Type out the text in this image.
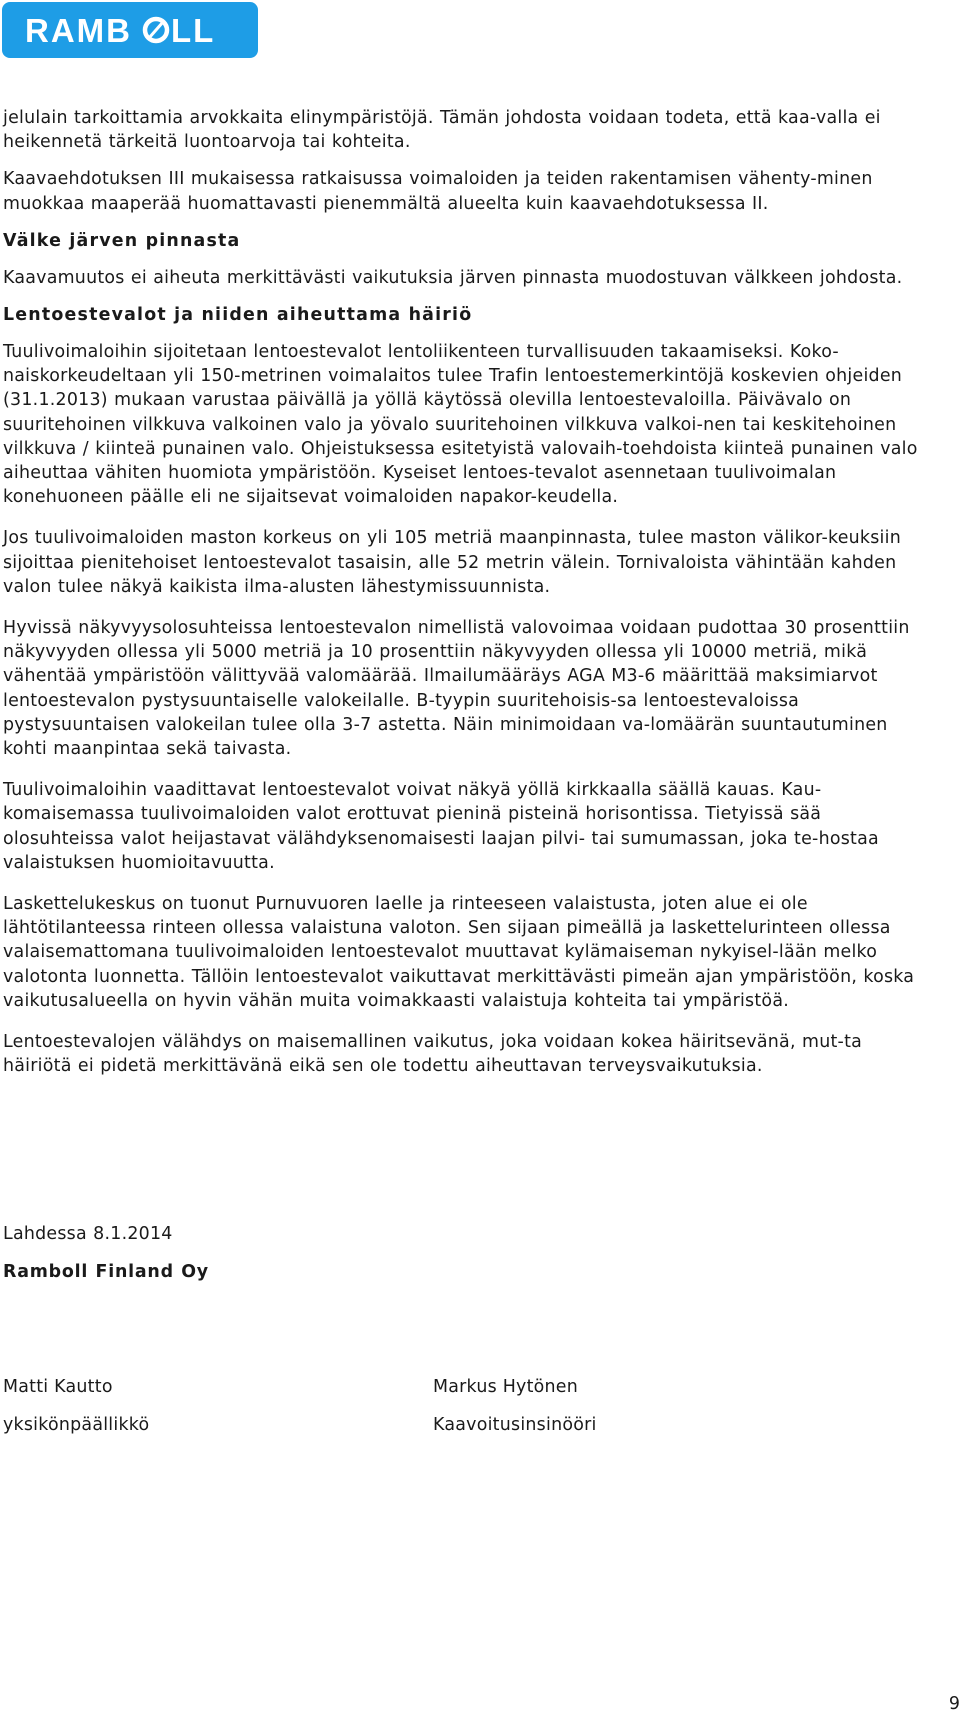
RAMB LL

jelulain tarkoittamia arvokkaita elinympäristöjä. Tämän johdosta voidaan todeta, että kaa-valla ei heikennetä tärkeitä luontoarvoja tai kohteita.

Kaavaehdotuksen III mukaisessa ratkaisussa voimaloiden ja teiden rakentamisen vähenty-minen muokkaa maaperää huomattavasti pienemmältä alueelta kuin kaavaehdotuksessa II.

Välke järven pinnasta

Kaavamuutos ei aiheuta merkittävästi vaikutuksia järven pinnasta muodostuvan välkkeen johdosta.

Lentoestevalot ja niiden aiheuttama häiriö

Tuulivoimaloihin sijoitetaan lentoestevalot lentoliikenteen turvallisuuden takaamiseksi. Koko-naiskorkeudeltaan yli 150-metrinen voimalaitos tulee Trafin lentoestemerkintöjä koskevien ohjeiden (31.1.2013) mukaan varustaa päivällä ja yöllä käytössä olevilla lentoestevaloilla. Päivävalo on suuritehoinen vilkkuva valkoinen valo ja yövalo suuritehoinen vilkkuva valkoi-nen tai keskitehoinen vilkkuva / kiinteä punainen valo. Ohjeistuksessa esitetyistä valovaih-toehdoista kiinteä punainen valo aiheuttaa vähiten huomiota ympäristöön. Kyseiset lentoes-tevalot asennetaan tuulivoimalan konehuoneen päälle eli ne sijaitsevat voimaloiden napakor-keudella.

Jos tuulivoimaloiden maston korkeus on yli 105 metriä maanpinnasta, tulee maston välikor-keuksiin sijoittaa pienitehoiset lentoestevalot tasaisin, alle 52 metrin välein. Tornivaloista vähintään kahden valon tulee näkyä kaikista ilma-alusten lähestymissuunnista.

Hyvissä näkyvyysolosuhteissa lentoestevalon nimellistä valovoimaa voidaan pudottaa 30 prosenttiin näkyvyyden ollessa yli 5000 metriä ja 10 prosenttiin näkyvyyden ollessa yli 10000 metriä, mikä vähentää ympäristöön välittyvää valomäärää. Ilmailumääräys AGA M3-6 määrittää maksimiarvot lentoestevalon pystysuuntaiselle valokeilalle. B-tyypin suuritehoisis-sa lentoestevaloissa pystysuuntaisen valokeilan tulee olla 3-7 astetta. Näin minimoidaan va-lomäärän suuntautuminen kohti maanpintaa sekä taivasta.

Tuulivoimaloihin vaadittavat lentoestevalot voivat näkyä yöllä kirkkaalla säällä kauas. Kau-komaisemassa tuulivoimaloiden valot erottuvat pieninä pisteinä horisontissa. Tietyissä sää olosuhteissa valot heijastavat välähdyksenomaisesti laajan pilvi- tai sumumassan, joka te-hostaa valaistuksen huomioitavuutta.

Laskettelukeskus on tuonut Purnuvuoren laelle ja rinteeseen valaistusta, joten alue ei ole lähtötilanteessa rinteen ollessa valaistuna valoton. Sen sijaan pimeällä ja laskettelurinteen ollessa valaisemattomana tuulivoimaloiden lentoestevalot muuttavat kylämaiseman nykyisel-lään melko valotonta luonnetta. Tällöin lentoestevalot vaikuttavat merkittävästi pimeän ajan ympäristöön, koska vaikutusalueella on hyvin vähän muita voimakkaasti valaistuja kohteita tai ympäristöä.

Lentoestevalojen välähdys on maisemallinen vaikutus, joka voidaan kokea häiritsevänä, mut-ta häiriötä ei pidetä merkittävänä eikä sen ole todettu aiheuttavan terveysvaikutuksia.

Lahdessa 8.1.2014

Ramboll Finland Oy

Matti Kautto	Markus Hytönen
yksikönpäällikkö	Kaavoitusinsinööri
9
